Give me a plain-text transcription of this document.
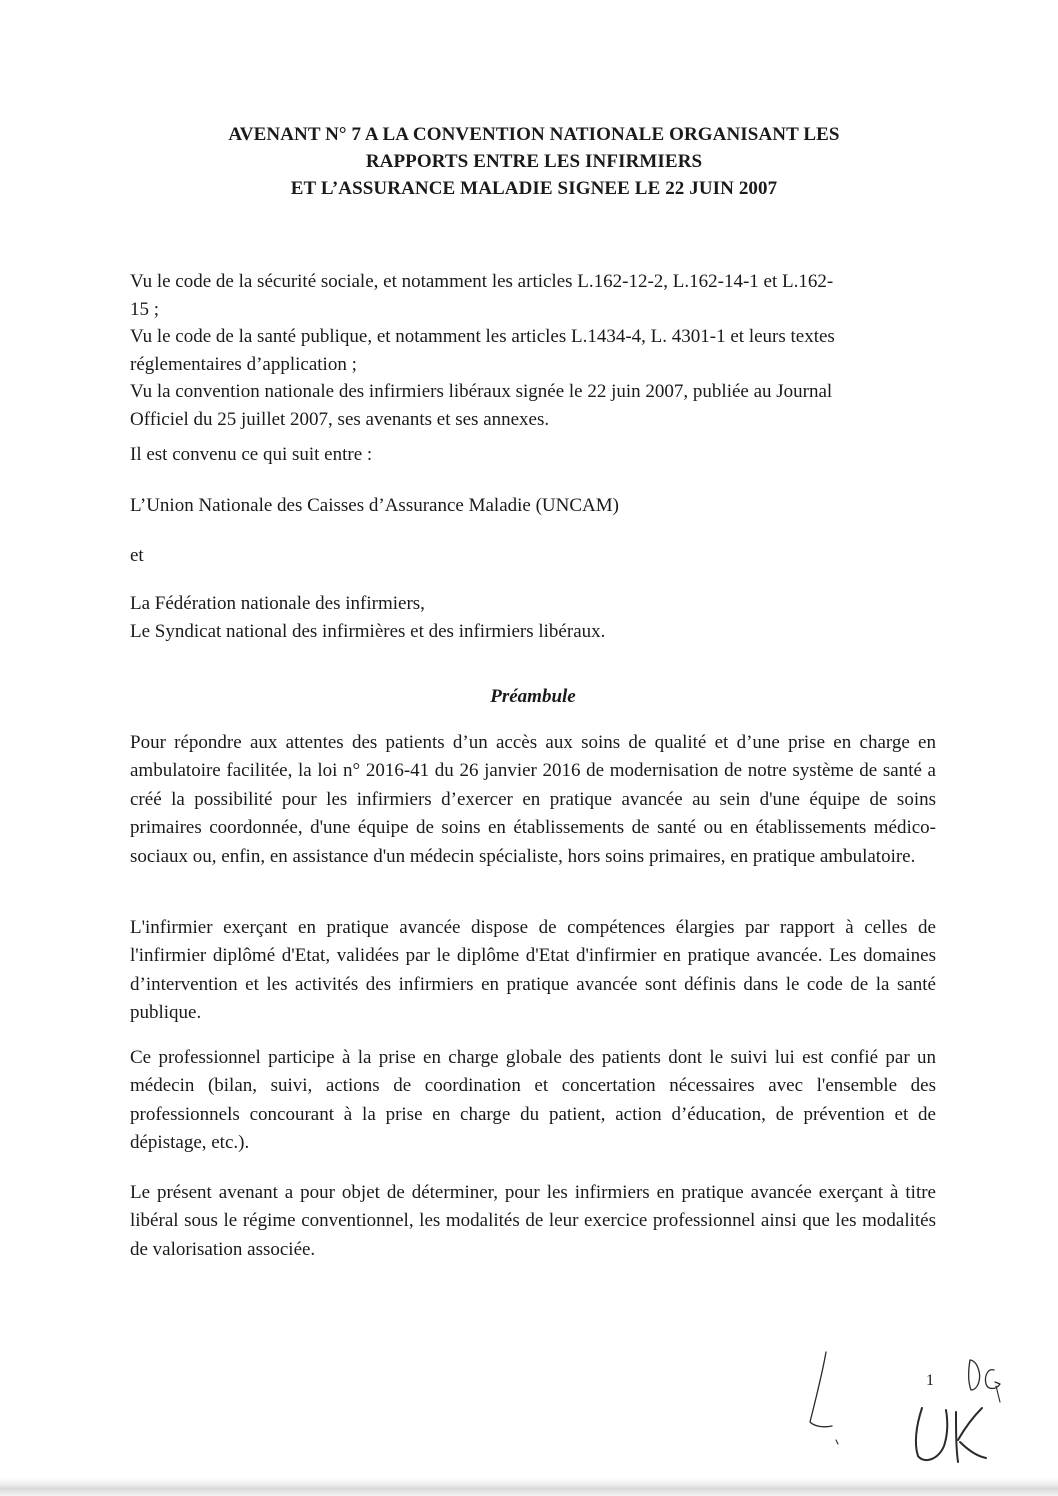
AVENANT N° 7 A LA CONVENTION NATIONALE ORGANISANT LES
RAPPORTS ENTRE LES INFIRMIERS
ET L’ASSURANCE MALADIE SIGNEE LE 22 JUIN 2007
Vu le code de la sécurité sociale, et notamment les articles L.162-12-2, L.162-14-1 et L.162-
15 ;
Vu le code de la santé publique, et notamment les articles L.1434-4, L. 4301-1 et leurs textes
réglementaires d’application ;
Vu la convention nationale des infirmiers libéraux signée le 22 juin 2007, publiée au Journal
Officiel du 25 juillet 2007, ses avenants et ses annexes.
Il est convenu ce qui suit entre :
L’Union Nationale des Caisses d’Assurance Maladie (UNCAM)
et
La Fédération nationale des infirmiers,
Le Syndicat national des infirmières et des infirmiers libéraux.
Préambule

Pour répondre aux attentes des patients d’un accès aux soins de qualité et d’une prise en charge en ambulatoire facilitée, la loi n° 2016-41 du 26 janvier 2016 de modernisation de notre système de santé a créé la possibilité pour les infirmiers d’exercer en pratique avancée au sein d'une équipe de soins primaires coordonnée, d'une équipe de soins en établissements de santé ou en établissements médico-sociaux ou, enfin, en assistance d'un médecin spécialiste, hors soins primaires, en pratique ambulatoire.

L'infirmier exerçant en pratique avancée dispose de compétences élargies par rapport à celles de l'infirmier diplômé d'Etat, validées par le diplôme d'Etat d'infirmier en pratique avancée. Les domaines d’intervention et les activités des infirmiers en pratique avancée sont définis dans le code de la santé publique.

Ce professionnel participe à la prise en charge globale des patients dont le suivi lui est confié par un médecin (bilan, suivi, actions de coordination et concertation nécessaires avec l'ensemble des professionnels concourant à la prise en charge du patient, action d’éducation, de prévention et de dépistage, etc.).

Le présent avenant a pour objet de déterminer, pour les infirmiers en pratique avancée exerçant à titre libéral sous le régime conventionnel, les modalités de leur exercice professionnel ainsi que les modalités de valorisation associée.

1
